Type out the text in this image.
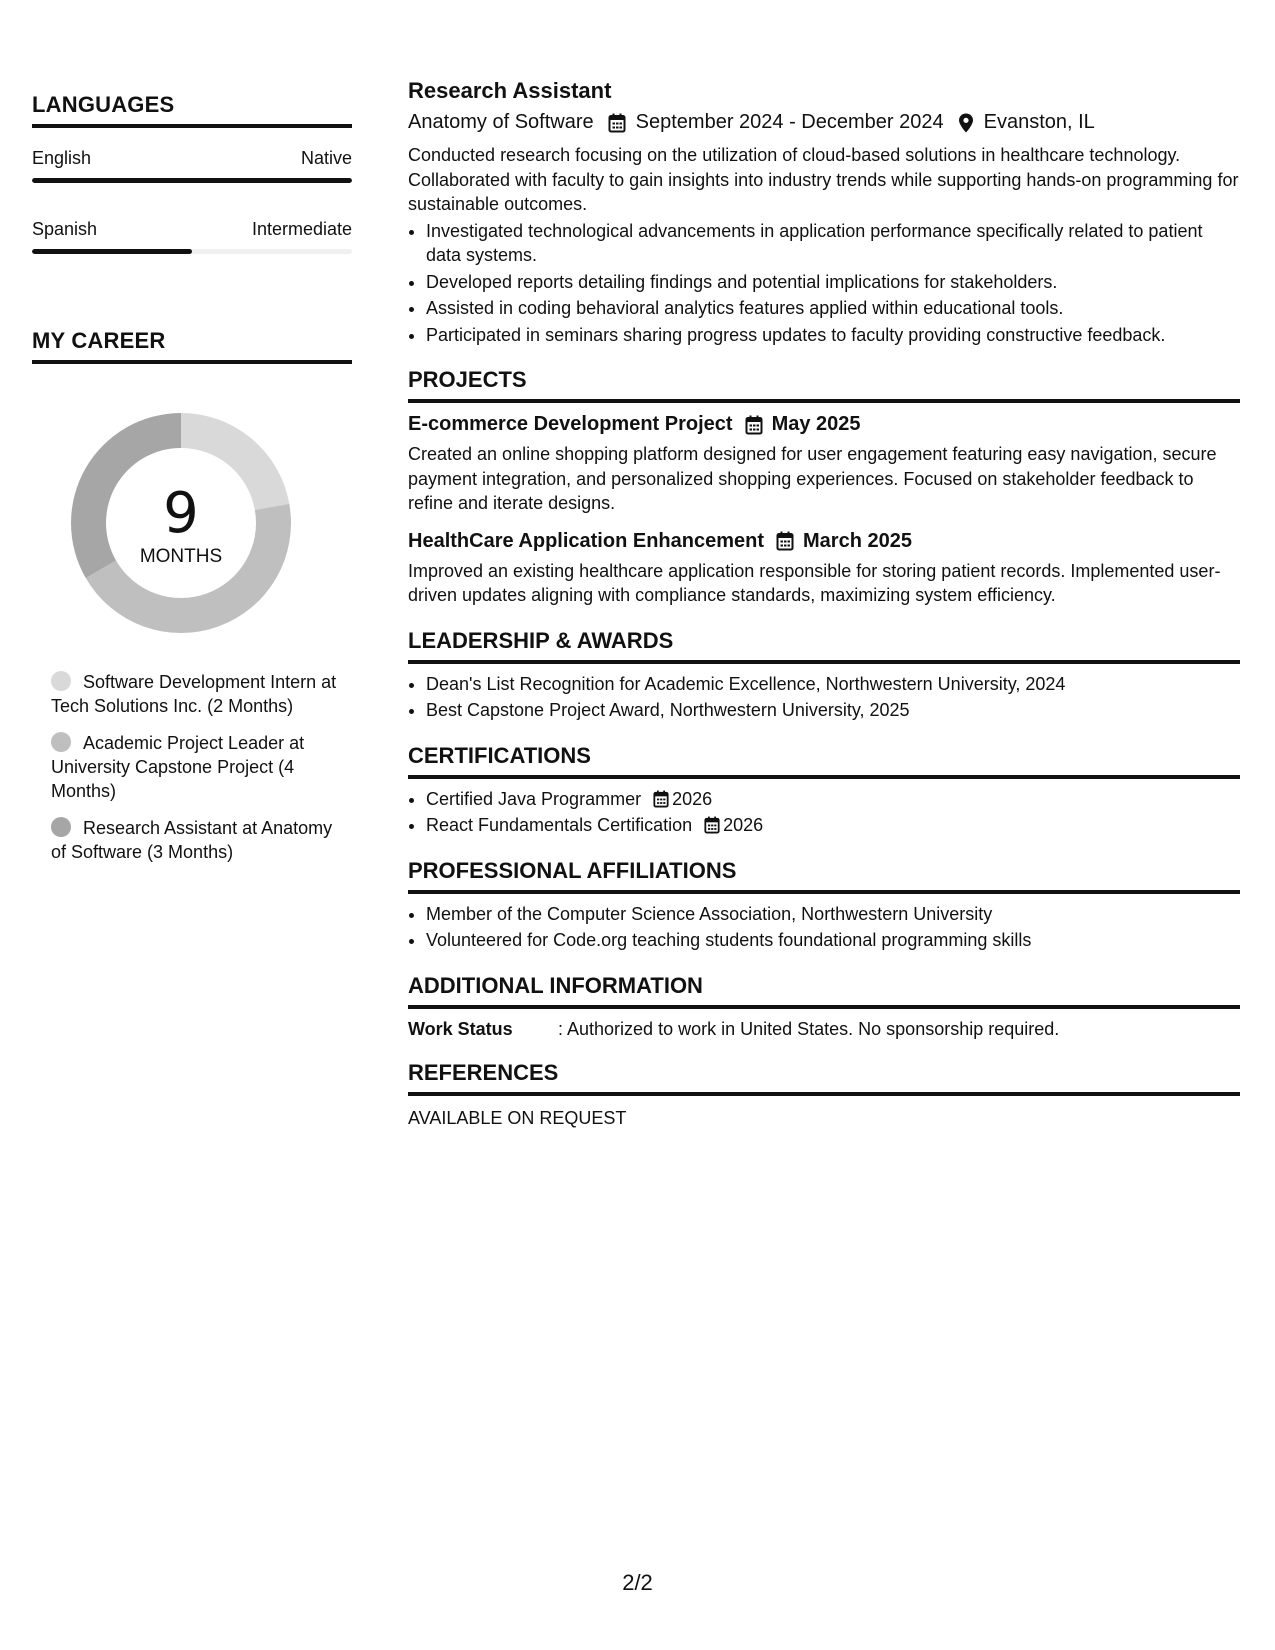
LANGUAGES
English	Native
Spanish	Intermediate
MY CAREER
9
MONTHS
Software Development Intern at Tech Solutions Inc. (2 Months)
Academic Project Leader at University Capstone Project (4 Months)
Research Assistant at Anatomy of Software (3 Months)
Research Assistant
Anatomy of Software September 2024 - December 2024 Evanston, IL
Conducted research focusing on the utilization of cloud-based solutions in healthcare technology. Collaborated with faculty to gain insights into industry trends while supporting hands-on programming for sustainable outcomes.
• Investigated technological advancements in application performance specifically related to patient data systems.
• Developed reports detailing findings and potential implications for stakeholders.
• Assisted in coding behavioral analytics features applied within educational tools.
• Participated in seminars sharing progress updates to faculty providing constructive feedback.
PROJECTS
E-commerce Development Project May 2025
Created an online shopping platform designed for user engagement featuring easy navigation, secure payment integration, and personalized shopping experiences. Focused on stakeholder feedback to refine and iterate designs.
HealthCare Application Enhancement March 2025
Improved an existing healthcare application responsible for storing patient records. Implemented user-driven updates aligning with compliance standards, maximizing system efficiency.
LEADERSHIP & AWARDS
• Dean's List Recognition for Academic Excellence, Northwestern University, 2024
• Best Capstone Project Award, Northwestern University, 2025
CERTIFICATIONS
• Certified Java Programmer 2026
• React Fundamentals Certification 2026
PROFESSIONAL AFFILIATIONS
• Member of the Computer Science Association, Northwestern University
• Volunteered for Code.org teaching students foundational programming skills
ADDITIONAL INFORMATION
Work Status	: Authorized to work in United States. No sponsorship required.
REFERENCES
AVAILABLE ON REQUEST
2/2
